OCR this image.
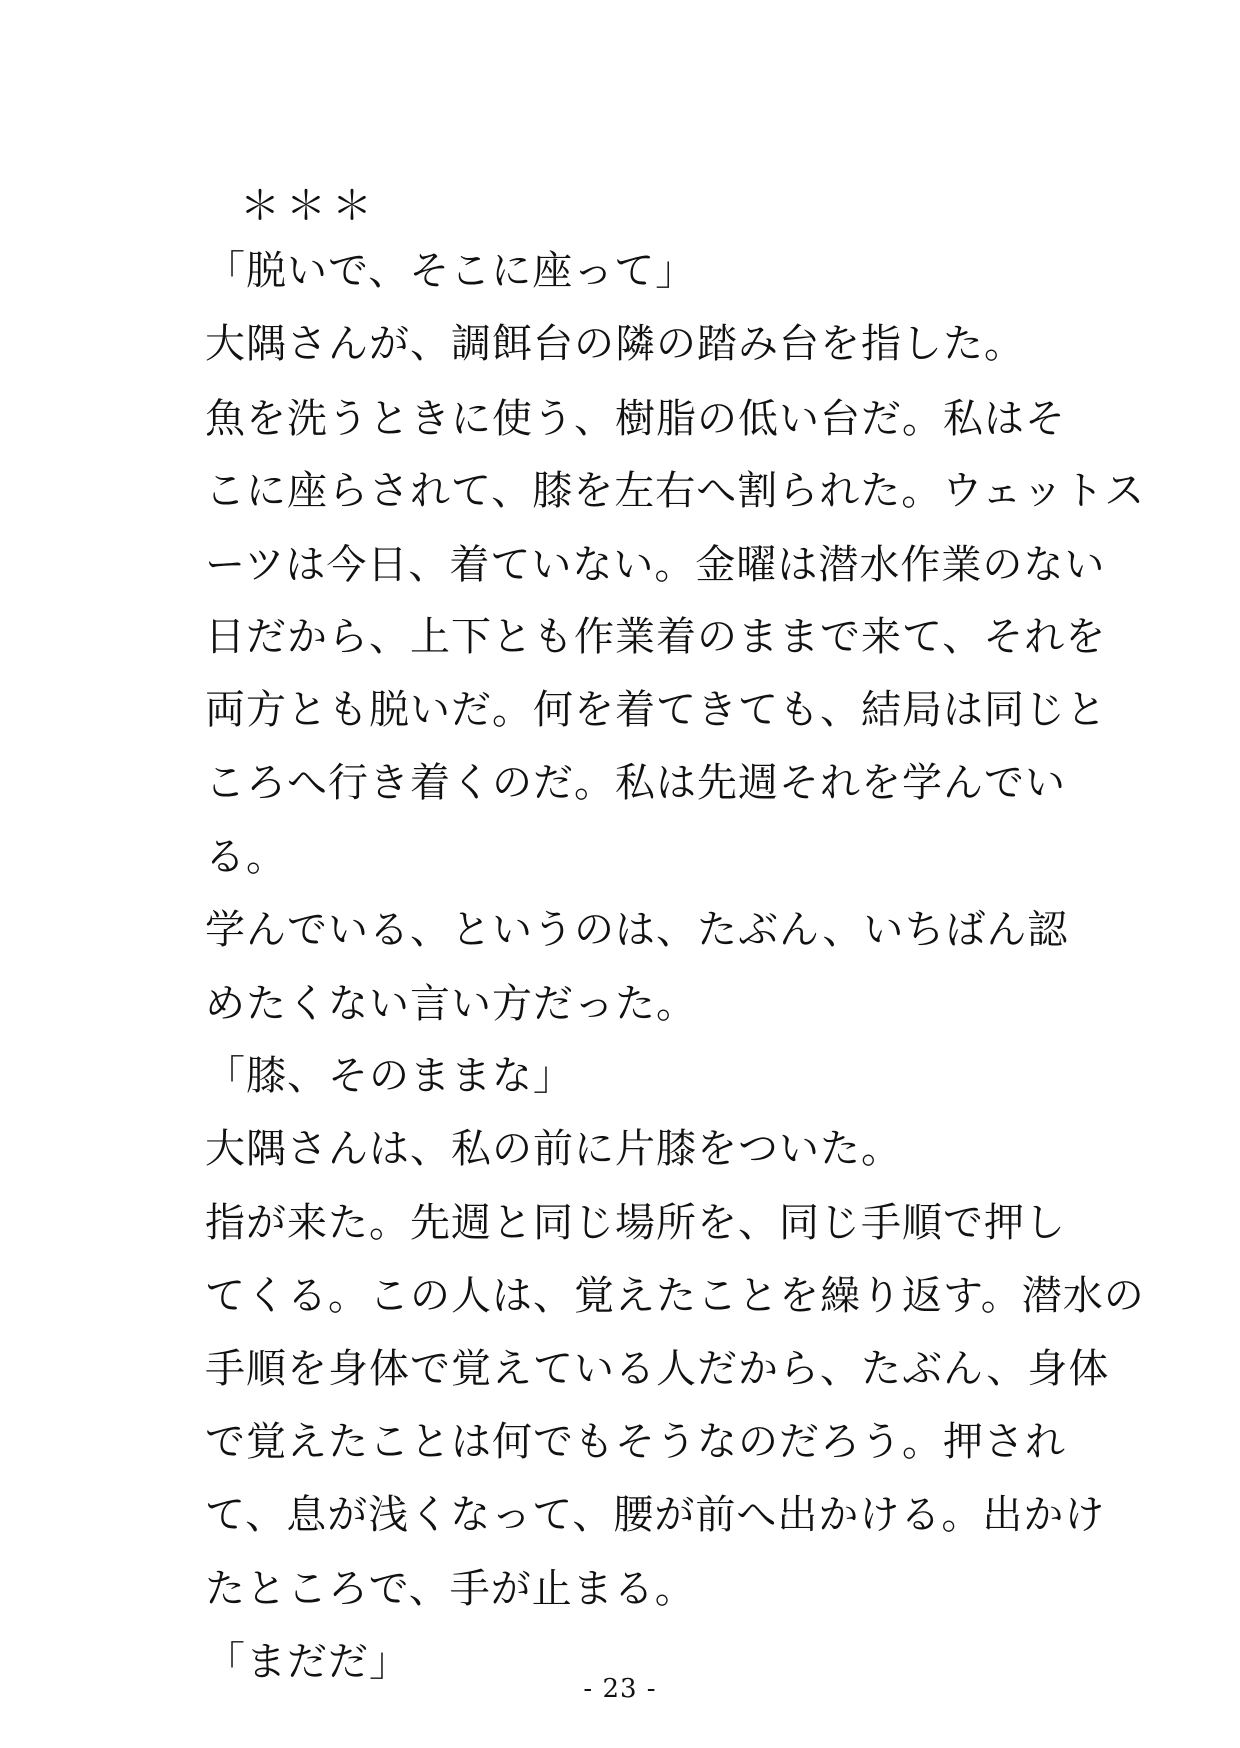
＊＊＊
「脱いで、そこに座って」
大隅さんが、調餌台の隣の踏み台を指した。
魚を洗うときに使う、樹脂の低い台だ。私はそ
こに座らされて、膝を左右へ割られた。ウェットス
ーツは今日、着ていない。金曜は潜水作業のない
日だから、上下とも作業着のままで来て、それを
両方とも脱いだ。何を着てきても、結局は同じと
ころへ行き着くのだ。私は先週それを学んでい
る。
学んでいる、というのは、たぶん、いちばん認
めたくない言い方だった。
「膝、そのままな」
大隅さんは、私の前に片膝をついた。
指が来た。先週と同じ場所を、同じ手順で押し
てくる。この人は、覚えたことを繰り返す。潜水の
手順を身体で覚えている人だから、たぶん、身体
で覚えたことは何でもそうなのだろう。押され
て、息が浅くなって、腰が前へ出かける。出かけ
たところで、手が止まる。
「まだだ」
- 23 -
